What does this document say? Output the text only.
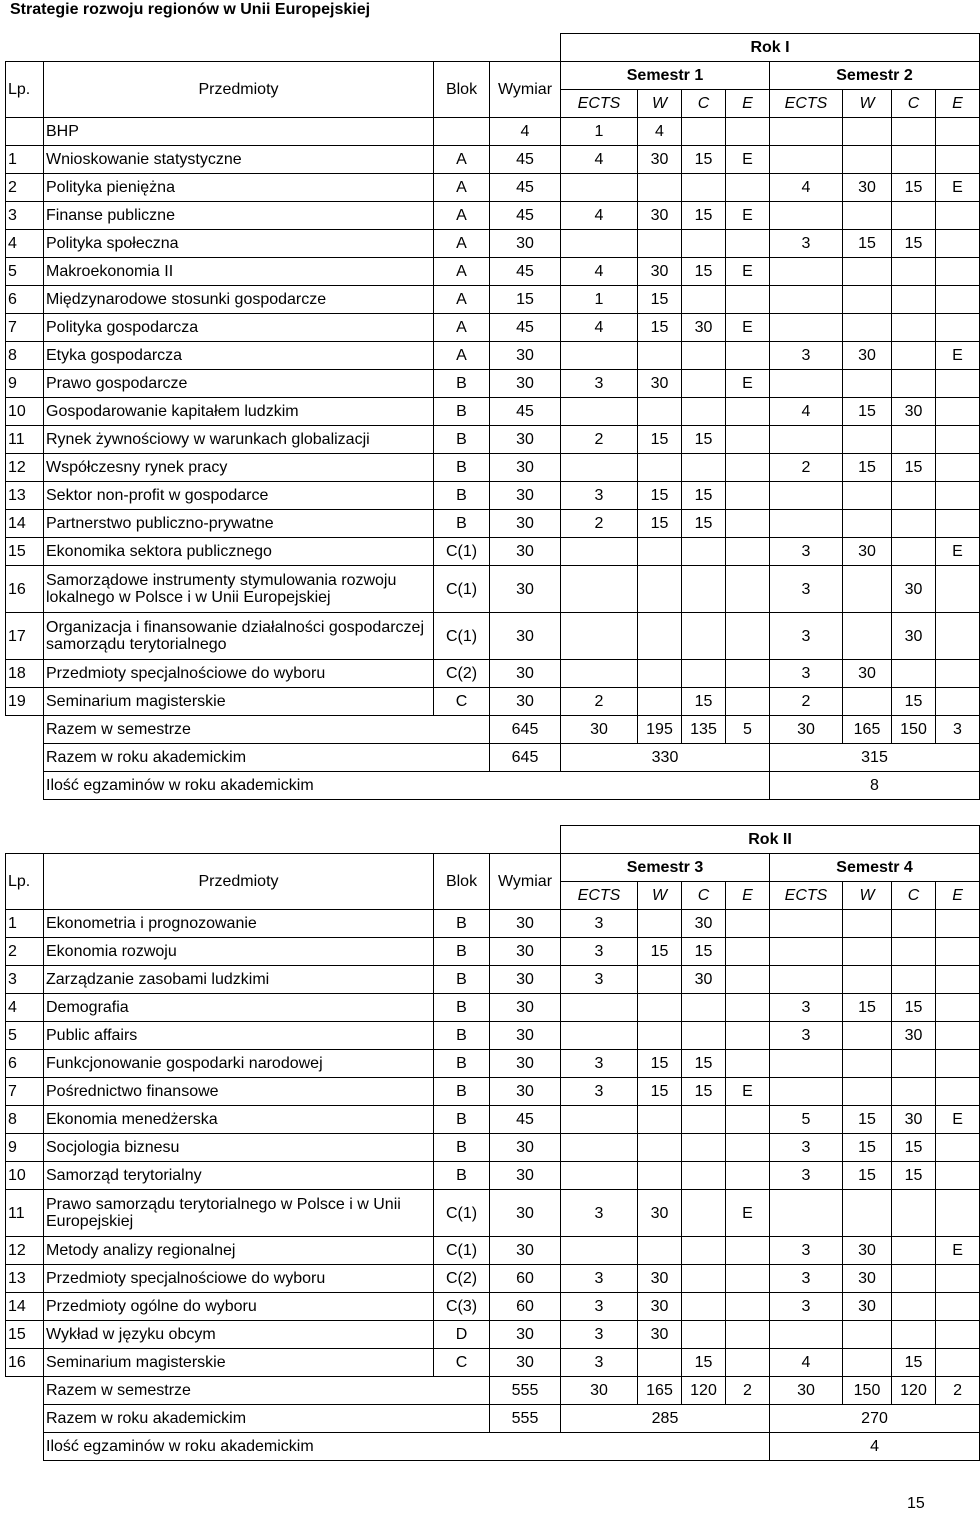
Strategie rozwoju regionów w Unii Europejskiej
				Rok I							
Lp.	Przedmioty	Blok	Wymiar	Semestr 1				Semestr 2			
				ECTS	W	C	E	ECTS	W	C	E
	BHP		4	1	4						
1	Wnioskowanie statystyczne	A	45	4	30	15	E				
2	Polityka pieniężna	A	45					4	30	15	E
3	Finanse publiczne	A	45	4	30	15	E				
4	Polityka społeczna	A	30					3	15	15	
5	Makroekonomia II	A	45	4	30	15	E				
6	Międzynarodowe stosunki gospodarcze	A	15	1	15						
7	Polityka gospodarcza	A	45	4	15	30	E				
8	Etyka gospodarcza	A	30					3	30		E
9	Prawo gospodarcze	B	30	3	30		E				
10	Gospodarowanie kapitałem ludzkim	B	45					4	15	30	
11	Rynek żywnościowy w warunkach globalizacji	B	30	2	15	15					
12	Współczesny rynek pracy	B	30					2	15	15	
13	Sektor non-profit w gospodarce	B	30	3	15	15					
14	Partnerstwo publiczno-prywatne	B	30	2	15	15					
15	Ekonomika sektora publicznego	C(1)	30					3	30		E
16	Samorządowe instrumenty stymulowania rozwoju lokalnego w Polsce i w Unii Europejskiej	C(1)	30					3		30	
17	Organizacja i finansowanie działalności gospodarczej samorządu terytorialnego	C(1)	30					3		30	
18	Przedmioty specjalnościowe do wyboru	C(2)	30					3	30		
19	Seminarium magisterskie	C	30	2		15		2		15	
	Razem w semestrze		645	30	195	135	5	30	165	150	3
	Razem w roku akademickim		645	330				315			
	Ilość egzaminów w roku akademickim							8			
				Rok II							
Lp.	Przedmioty	Blok	Wymiar	Semestr 3				Semestr 4			
				ECTS	W	C	E	ECTS	W	C	E
1	Ekonometria i prognozowanie	B	30	3		30					
2	Ekonomia rozwoju	B	30	3	15	15					
3	Zarządzanie zasobami ludzkimi	B	30	3		30					
4	Demografia	B	30					3	15	15	
5	Public affairs	B	30					3		30	
6	Funkcjonowanie gospodarki narodowej	B	30	3	15	15					
7	Pośrednictwo finansowe	B	30	3	15	15	E				
8	Ekonomia menedżerska	B	45					5	15	30	E
9	Socjologia biznesu	B	30					3	15	15	
10	Samorząd terytorialny	B	30					3	15	15	
11	Prawo samorządu terytorialnego w Polsce i w Unii Europejskiej	C(1)	30	3	30		E				
12	Metody analizy regionalnej	C(1)	30					3	30		E
13	Przedmioty specjalnościowe do wyboru	C(2)	60	3	30			3	30		
14	Przedmioty ogólne do wyboru	C(3)	60	3	30			3	30		
15	Wykład w języku obcym	D	30	3	30						
16	Seminarium magisterskie	C	30	3		15		4		15	
	Razem w semestrze		555	30	165	120	2	30	150	120	2
	Razem w roku akademickim		555	285				270			
	Ilość egzaminów w roku akademickim							4			
15
